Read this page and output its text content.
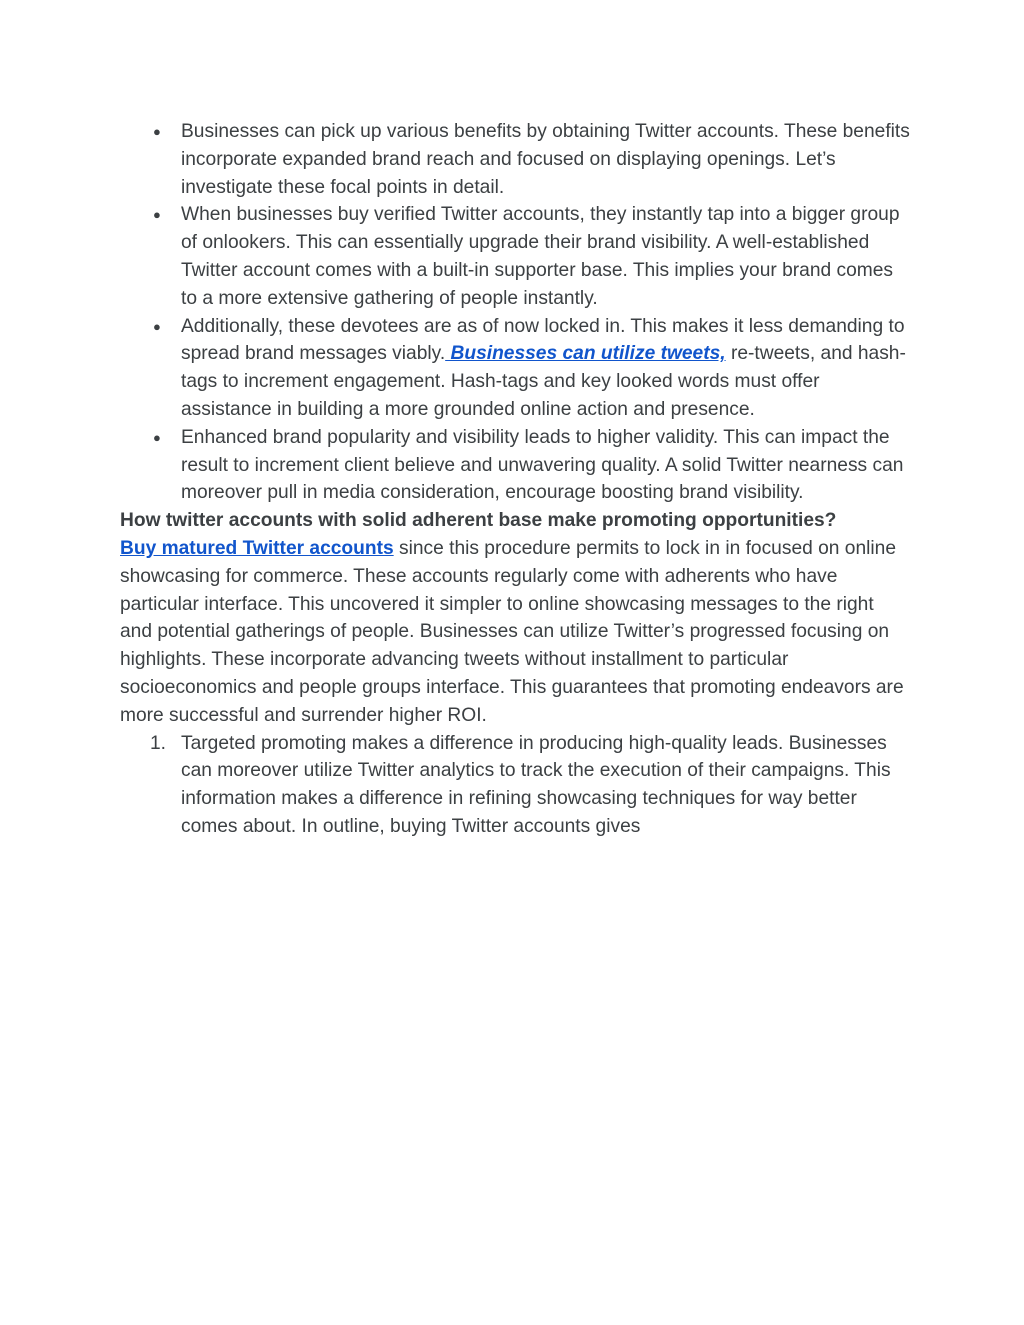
● Businesses can pick up various benefits by obtaining Twitter accounts. These benefits incorporate expanded brand reach and focused on displaying openings. Let’s investigate these focal points in detail.
● When businesses buy verified Twitter accounts, they instantly tap into a bigger group of onlookers. This can essentially upgrade their brand visibility. A well-established Twitter account comes with a built-in supporter base. This implies your brand comes to a more extensive gathering of people instantly.
● Additionally, these devotees are as of now locked in. This makes it less demanding to spread brand messages viably. Businesses can utilize tweets, re-tweets, and hash-tags to increment engagement. Hash-tags and key looked words must offer assistance in building a more grounded online action and presence.
● Enhanced brand popularity and visibility leads to higher validity. This can impact the result to increment client believe and unwavering quality. A solid Twitter nearness can moreover pull in media consideration, encourage boosting brand visibility.

How twitter accounts with solid adherent base make promoting opportunities?

Buy matured Twitter accounts since this procedure permits to lock in in focused on online showcasing for commerce. These accounts regularly come with adherents who have particular interface. This uncovered it simpler to online showcasing messages to the right and potential gatherings of people. Businesses can utilize Twitter’s progressed focusing on highlights. These incorporate advancing tweets without installment to particular socioeconomics and people groups interface. This guarantees that promoting endeavors are more successful and surrender higher ROI.

1. Targeted promoting makes a difference in producing high-quality leads. Businesses can moreover utilize Twitter analytics to track the execution of their campaigns. This information makes a difference in refining showcasing techniques for way better comes about. In outline, buying Twitter accounts gives
